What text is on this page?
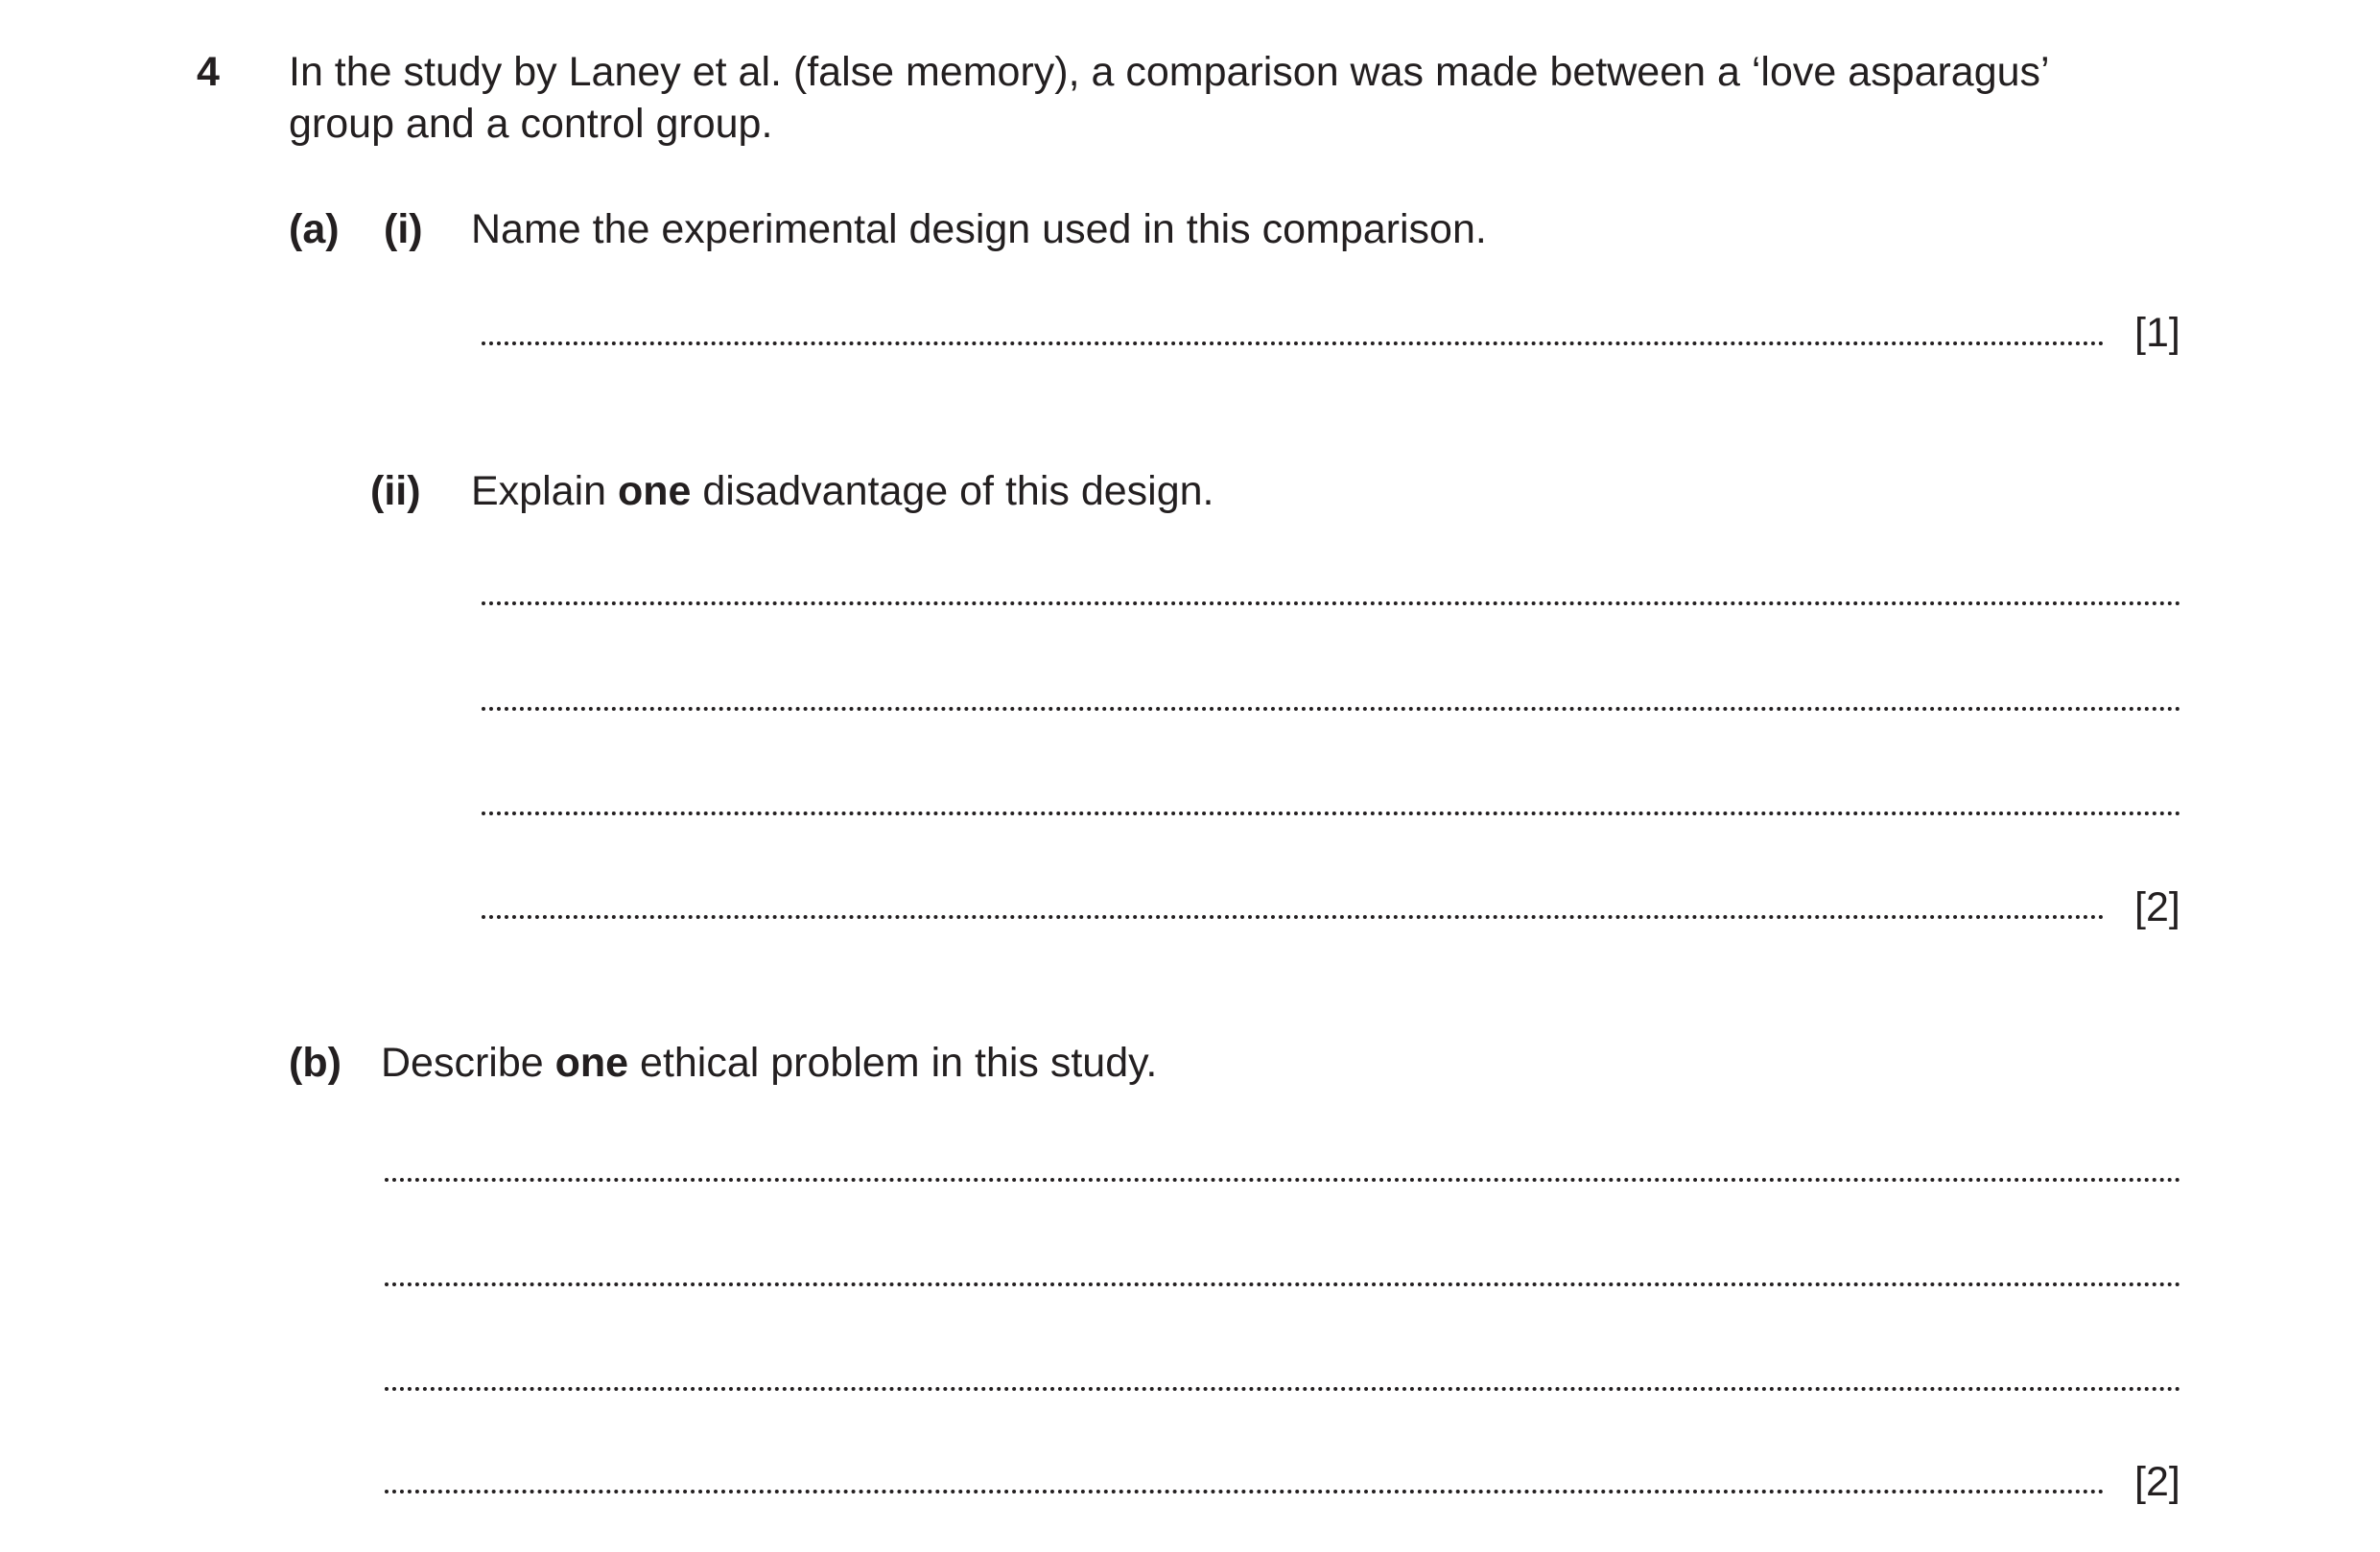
4 In the study by Laney et al. (false memory), a comparison was made between a ‘love asparagus’
group and a control group.
(a) (i) Name the experimental design used in this comparison.
[1]
(ii) Explain one disadvantage of this design.
[2]
(b) Describe one ethical problem in this study.
[2]
